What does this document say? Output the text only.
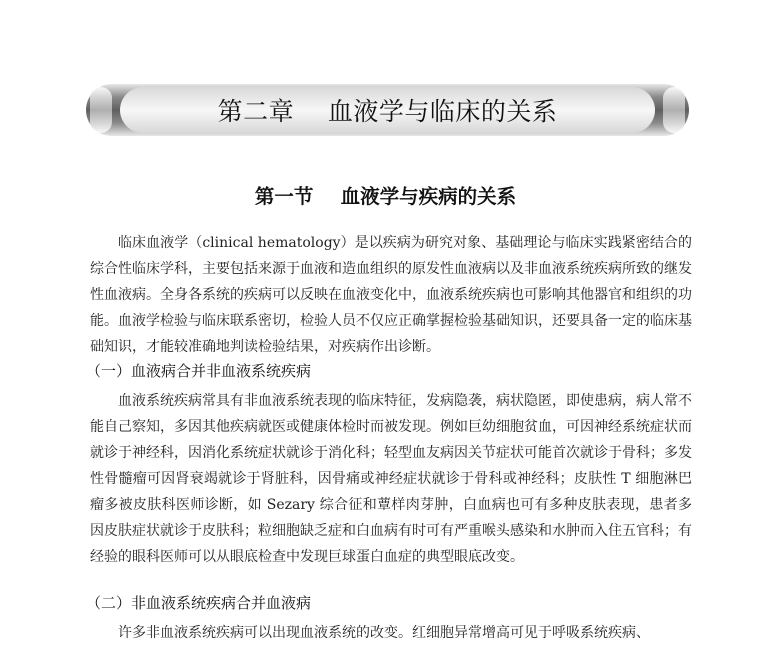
第二章    血液学与临床的关系
第一节    血液学与疾病的关系

临床血液学（clinical hematology）是以疾病为研究对象、基础理论与临床实践紧密结合的综合性临床学科，主要包括来源于血液和造血组织的原发性血液病以及非血液系统疾病所致的继发性血液病。全身各系统的疾病可以反映在血液变化中，血液系统疾病也可影响其他器官和组织的功能。血液学检验与临床联系密切，检验人员不仅应正确掌握检验基础知识，还要具备一定的临床基础知识，才能较准确地判读检验结果，对疾病作出诊断。

（一）血液病合并非血液系统疾病

血液系统疾病常具有非血液系统表现的临床特征，发病隐袭，病状隐匿，即使患病，病人常不能自己察知，多因其他疾病就医或健康体检时而被发现。例如巨幼细胞贫血，可因神经系统症状而就诊于神经科，因消化系统症状就诊于消化科；轻型血友病因关节症状可能首次就诊于骨科；多发性骨髓瘤可因肾衰竭就诊于肾脏科，因骨痛或神经症状就诊于骨科或神经科；皮肤性 T 细胞淋巴瘤多被皮肤科医师诊断，如 Sezary 综合征和蕈样肉芽肿，白血病也可有多种皮肤表现，患者多因皮肤症状就诊于皮肤科；粒细胞缺乏症和白血病有时可有严重喉头感染和水肿而入住五官科；有经验的眼科医师可以从眼底检查中发现巨球蛋白血症的典型眼底改变。

（二）非血液系统疾病合并血液病

许多非血液系统疾病可以出现血液系统的改变。红细胞异常增高可见于呼吸系统疾病、
